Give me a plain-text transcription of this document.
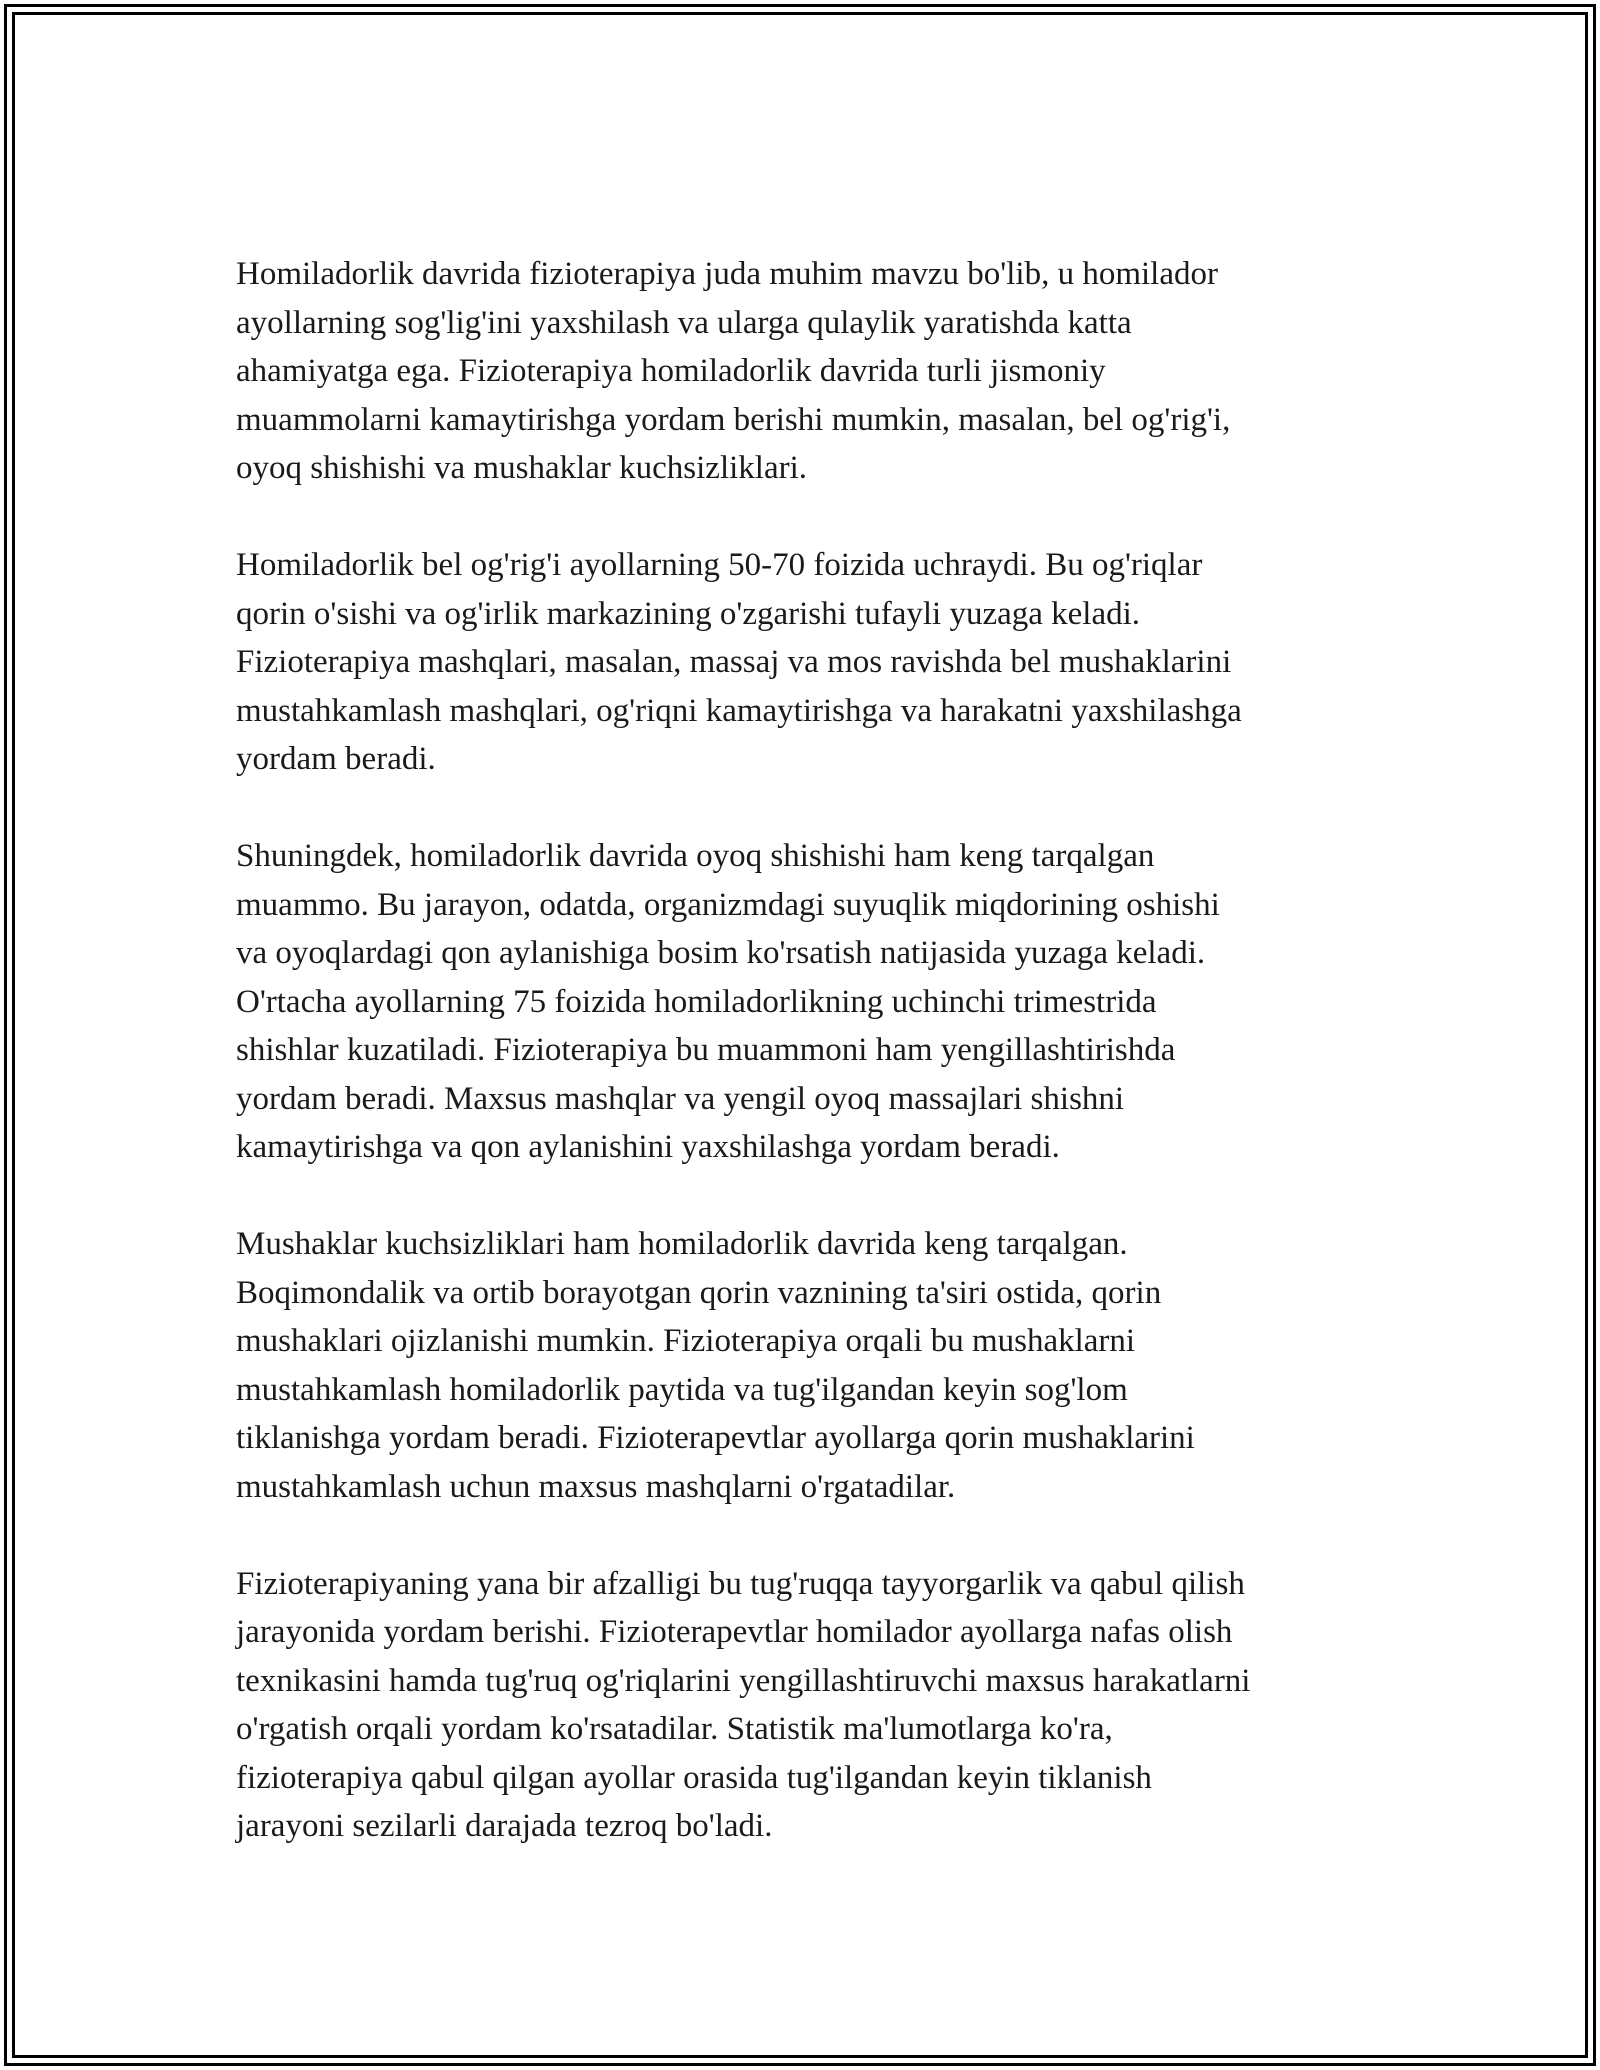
Homiladorlik davrida fizioterapiya juda muhim mavzu bo'lib, u homilador
ayollarning sog'lig'ini yaxshilash va ularga qulaylik yaratishda katta
ahamiyatga ega. Fizioterapiya homiladorlik davrida turli jismoniy
muammolarni kamaytirishga yordam berishi mumkin, masalan, bel og'rig'i,
oyoq shishishi va mushaklar kuchsizliklari.

Homiladorlik bel og'rig'i ayollarning 50-70 foizida uchraydi. Bu og'riqlar
qorin o'sishi va og'irlik markazining o'zgarishi tufayli yuzaga keladi.
Fizioterapiya mashqlari, masalan, massaj va mos ravishda bel mushaklarini
mustahkamlash mashqlari, og'riqni kamaytirishga va harakatni yaxshilashga
yordam beradi.

Shuningdek, homiladorlik davrida oyoq shishishi ham keng tarqalgan
muammo. Bu jarayon, odatda, organizmdagi suyuqlik miqdorining oshishi
va oyoqlardagi qon aylanishiga bosim ko'rsatish natijasida yuzaga keladi.
O'rtacha ayollarning 75 foizida homiladorlikning uchinchi trimestrida
shishlar kuzatiladi. Fizioterapiya bu muammoni ham yengillashtirishda
yordam beradi. Maxsus mashqlar va yengil oyoq massajlari shishni
kamaytirishga va qon aylanishini yaxshilashga yordam beradi.

Mushaklar kuchsizliklari ham homiladorlik davrida keng tarqalgan.
Boqimondalik va ortib borayotgan qorin vaznining ta'siri ostida, qorin
mushaklari ojizlanishi mumkin. Fizioterapiya orqali bu mushaklarni
mustahkamlash homiladorlik paytida va tug'ilgandan keyin sog'lom
tiklanishga yordam beradi. Fizioterapevtlar ayollarga qorin mushaklarini
mustahkamlash uchun maxsus mashqlarni o'rgatadilar.

Fizioterapiyaning yana bir afzalligi bu tug'ruqqa tayyorgarlik va qabul qilish
jarayonida yordam berishi. Fizioterapevtlar homilador ayollarga nafas olish
texnikasini hamda tug'ruq og'riqlarini yengillashtiruvchi maxsus harakatlarni
o'rgatish orqali yordam ko'rsatadilar. Statistik ma'lumotlarga ko'ra,
fizioterapiya qabul qilgan ayollar orasida tug'ilgandan keyin tiklanish
jarayoni sezilarli darajada tezroq bo'ladi.
